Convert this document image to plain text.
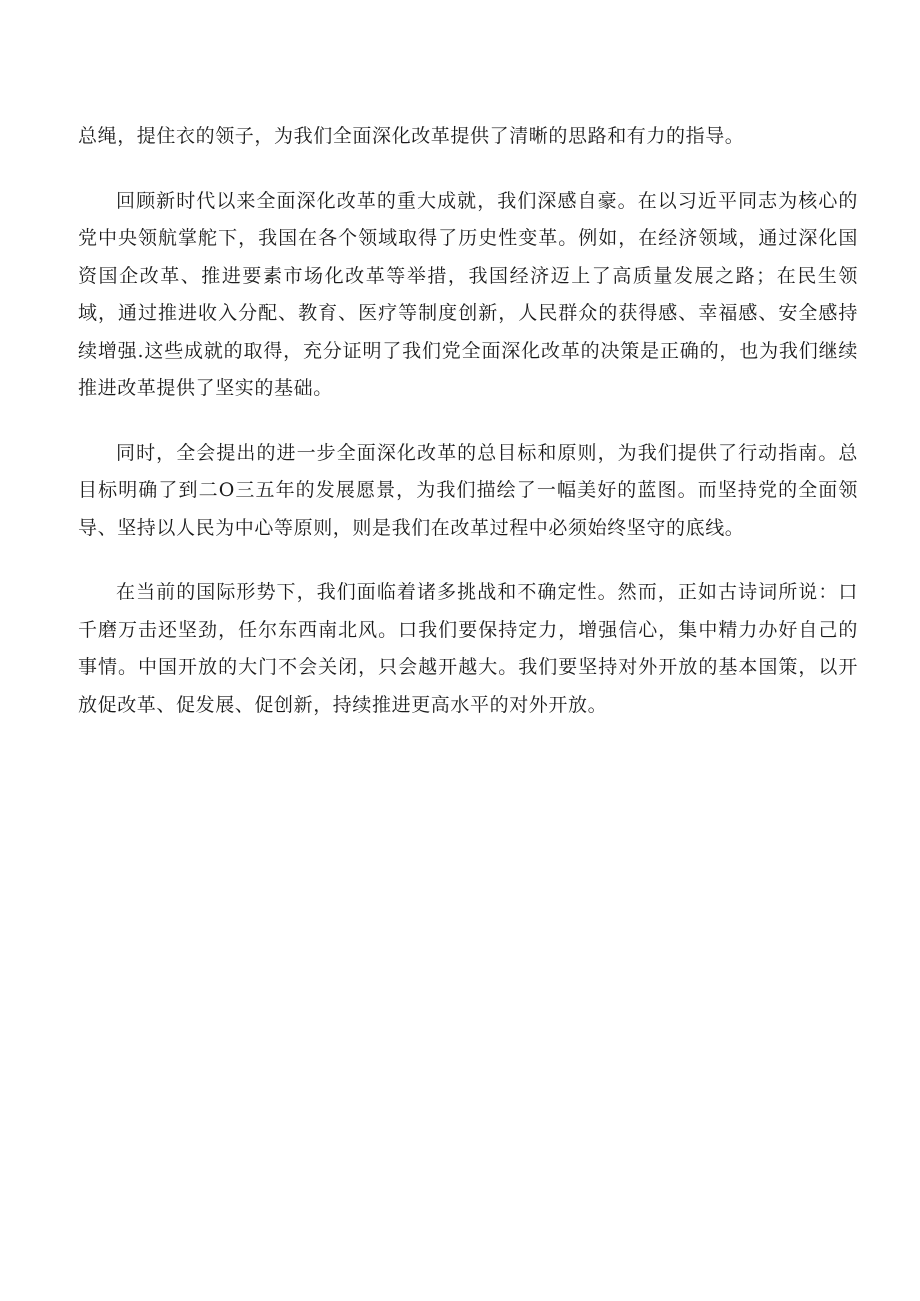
总绳，提住衣的领子，为我们全面深化改革提供了清晰的思路和有力的指导。

回顾新时代以来全面深化改革的重大成就，我们深感自豪。在以习近平同志为核心的党中央领航掌舵下，我国在各个领域取得了历史性变革。例如，在经济领域，通过深化国资国企改革、推进要素市场化改革等举措，我国经济迈上了高质量发展之路；在民生领域，通过推进收入分配、教育、医疗等制度创新，人民群众的获得感、幸福感、安全感持续增强.这些成就的取得，充分证明了我们党全面深化改革的决策是正确的，也为我们继续推进改革提供了坚实的基础。

同时，全会提出的进一步全面深化改革的总目标和原则，为我们提供了行动指南。总目标明确了到二O三五年的发展愿景，为我们描绘了一幅美好的蓝图。而坚持党的全面领导、坚持以人民为中心等原则，则是我们在改革过程中必须始终坚守的底线。

在当前的国际形势下，我们面临着诸多挑战和不确定性。然而，正如古诗词所说：口千磨万击还坚劲，任尔东西南北风。口我们要保持定力，增强信心，集中精力办好自己的事情。中国开放的大门不会关闭，只会越开越大。我们要坚持对外开放的基本国策，以开放促改革、促发展、促创新，持续推进更高水平的对外开放。
